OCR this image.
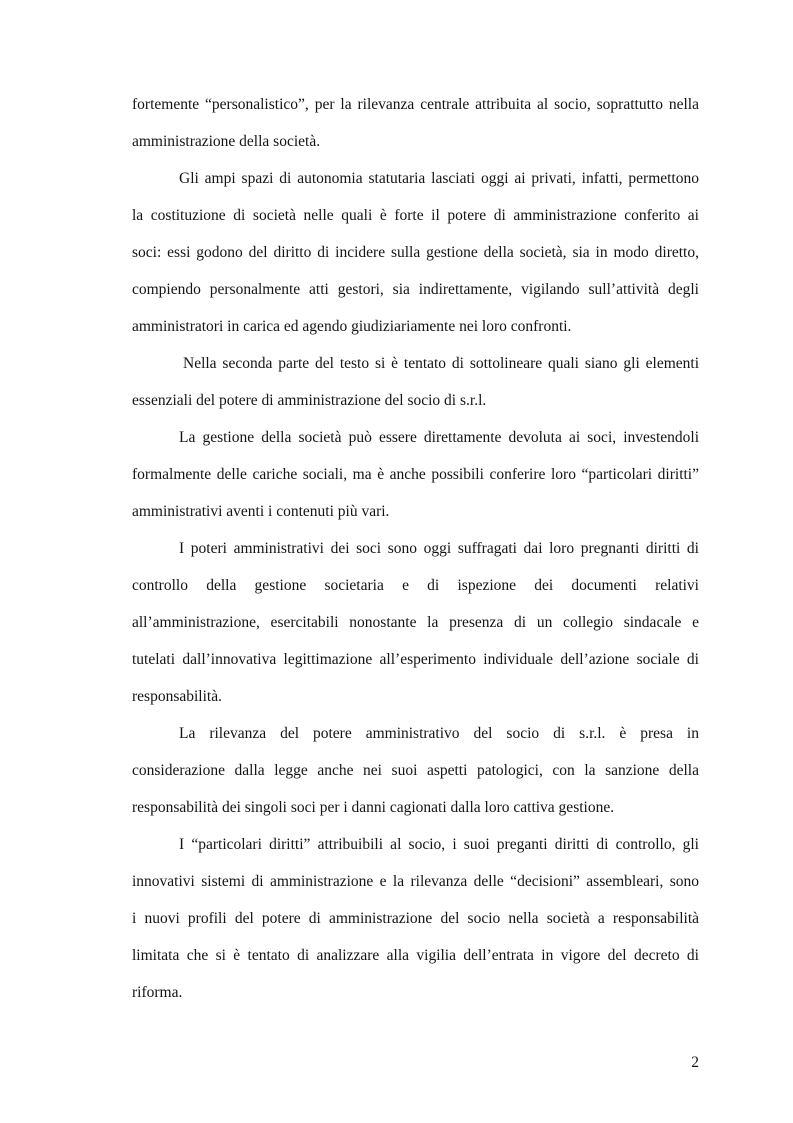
fortemente “personalistico”, per la rilevanza centrale attribuita al socio, soprattutto nella
amministrazione della società.
Gli ampi spazi di autonomia statutaria lasciati oggi ai privati, infatti, permettono
la costituzione di società nelle quali è forte il potere di amministrazione conferito ai
soci: essi godono del diritto di incidere sulla gestione della società, sia in modo diretto,
compiendo personalmente atti gestori, sia indirettamente, vigilando sull’attività degli
amministratori in carica ed agendo giudiziariamente nei loro confronti.
Nella seconda parte del testo si è tentato di sottolineare quali siano gli elementi
essenziali del potere di amministrazione del socio di s.r.l.
La gestione della società può essere direttamente devoluta ai soci, investendoli
formalmente delle cariche sociali, ma è anche possibili conferire loro “particolari diritti”
amministrativi aventi i contenuti più vari.
I poteri amministrativi dei soci sono oggi suffragati dai loro pregnanti diritti di
controllo della gestione societaria e di ispezione dei documenti relativi
all’amministrazione, esercitabili nonostante la presenza di un collegio sindacale e
tutelati dall’innovativa legittimazione all’esperimento individuale dell’azione sociale di
responsabilità.
La rilevanza del potere amministrativo del socio di s.r.l. è presa in
considerazione dalla legge anche nei suoi aspetti patologici, con la sanzione della
responsabilità dei singoli soci per i danni cagionati dalla loro cattiva gestione.
I “particolari diritti” attribuibili al socio, i suoi preganti diritti di controllo, gli
innovativi sistemi di amministrazione e la rilevanza delle “decisioni” assembleari, sono
i nuovi profili del potere di amministrazione del socio nella società a responsabilità
limitata che si è tentato di analizzare alla vigilia dell’entrata in vigore del decreto di
riforma.
2
